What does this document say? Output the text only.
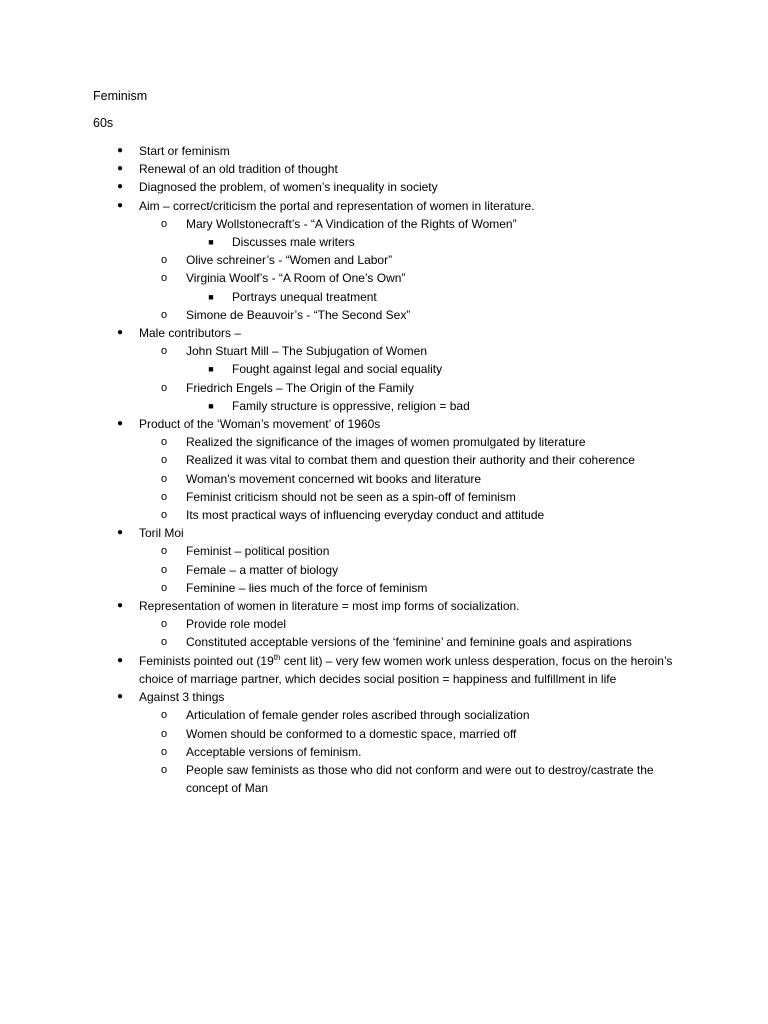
Feminism
60s
● Start or feminism
● Renewal of an old tradition of thought
● Diagnosed the problem, of women’s inequality in society
● Aim – correct/criticism the portal and representation of women in literature.
o Mary Wollstonecraft’s - “A Vindication of the Rights of Women”
■ Discusses male writers
o Olive schreiner’s - “Women and Labor”
o Virginia Woolf’s - “A Room of One’s Own”
■ Portrays unequal treatment
o Simone de Beauvoir’s - “The Second Sex”
● Male contributors –
o John Stuart Mill – The Subjugation of Women
■ Fought against legal and social equality
o Friedrich Engels – The Origin of the Family
■ Family structure is oppressive, religion = bad
● Product of the ‘Woman’s movement’ of 1960s
o Realized the significance of the images of women promulgated by literature
o Realized it was vital to combat them and question their authority and their coherence
o Woman’s movement concerned wit books and literature
o Feminist criticism should not be seen as a spin-off of feminism
o Its most practical ways of influencing everyday conduct and attitude
● Toril Moi
o Feminist – political position
o Female – a matter of biology
o Feminine – lies much of the force of feminism
● Representation of women in literature = most imp forms of socialization.
o Provide role model
o Constituted acceptable versions of the ‘feminine’ and feminine goals and aspirations
● Feminists pointed out (19th cent lit) – very few women work unless desperation, focus on the heroin’s choice of marriage partner, which decides social position = happiness and fulfillment in life
● Against 3 things
o Articulation of female gender roles ascribed through socialization
o Women should be conformed to a domestic space, married off
o Acceptable versions of feminism.
o People saw feminists as those who did not conform and were out to destroy/castrate the concept of Man
